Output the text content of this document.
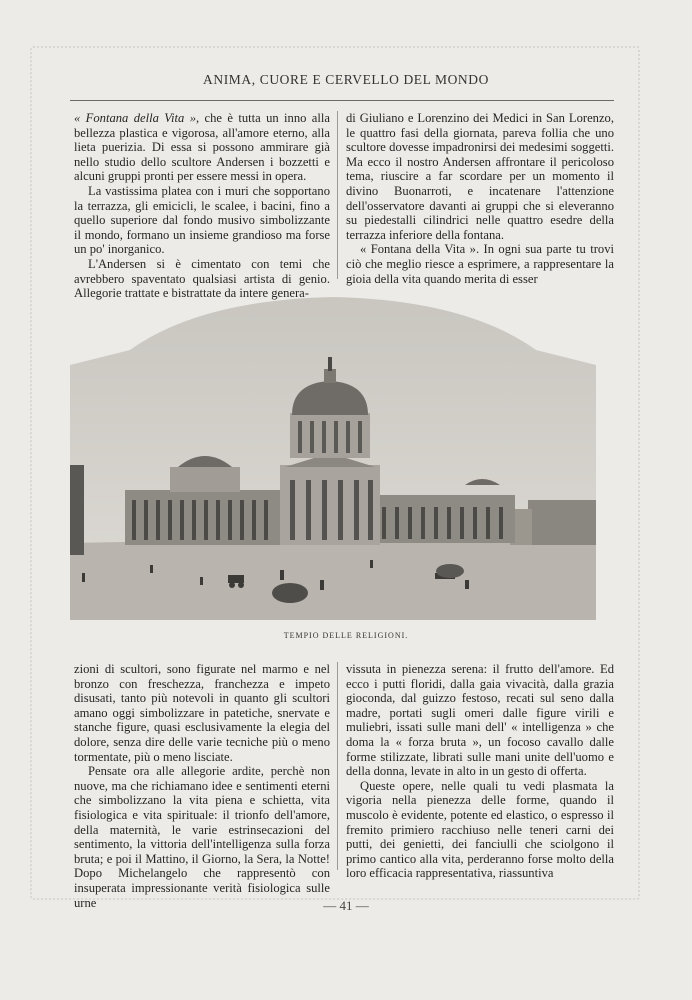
ANIMA, CUORE E CERVELLO DEL MONDO

« Fontana della Vita », che è tutta un inno alla bellezza plastica e vigorosa, all'amore eterno, alla lieta puerizia. Di essa si possono ammirare già nello studio dello scultore Andersen i bozzetti e alcuni gruppi pronti per essere messi in opera.

La vastissima platea con i muri che sopportano la terrazza, gli emicicli, le scalee, i bacini, fino a quello superiore dal fondo musivo simbolizzante il mondo, formano un insieme grandioso ma forse un po' inorganico.

L'Andersen si è cimentato con temi che avrebbero spaventato qualsiasi artista di genio. Allegorie trattate e bistrattate da intere genera-

di Giuliano e Lorenzino dei Medici in San Lorenzo, le quattro fasi della giornata, pareva follia che uno scultore dovesse impadronirsi dei medesimi soggetti. Ma ecco il nostro Andersen affrontare il pericoloso tema, riuscire a far scordare per un momento il divino Buonarroti, e incatenare l'attenzione dell'osservatore davanti ai gruppi che si eleveranno su piedestalli cilindrici nelle quattro esedre della terrazza inferiore della fontana.

« Fontana della Vita ». In ogni sua parte tu trovi ciò che meglio riesce a esprimere, a rappresentare la gioia della vita quando merita di esser

TEMPIO DELLE RELIGIONI.

zioni di scultori, sono figurate nel marmo e nel bronzo con freschezza, franchezza e impeto disusati, tanto più notevoli in quanto gli scultori amano oggi simbolizzare in patetiche, snervate e stanche figure, quasi esclusivamente la elegia del dolore, senza dire delle varie tecniche più o meno tormentate, più o meno lisciate.

Pensate ora alle allegorie ardite, perchè non nuove, ma che richiamano idee e sentimenti eterni che simbolizzano la vita piena e schietta, vita fisiologica e vita spirituale: il trionfo dell'amore, della maternità, le varie estrinsecazioni del sentimento, la vittoria dell'intelligenza sulla forza bruta; e poi il Mattino, il Giorno, la Sera, la Notte! Dopo Michelangelo che rappresentò con insuperata impressionante verità fisiologica sulle urne

vissuta in pienezza serena: il frutto dell'amore. Ed ecco i putti floridi, dalla gaia vivacità, dalla grazia gioconda, dal guizzo festoso, recati sul seno dalla madre, portati sugli omeri dalle figure virili e muliebri, issati sulle mani dell' « intelligenza » che doma la « forza bruta », un focoso cavallo dalle forme stilizzate, librati sulle mani unite dell'uomo e della donna, levate in alto in un gesto di offerta.

Queste opere, nelle quali tu vedi plasmata la vigoria nella pienezza delle forme, quando il muscolo è evidente, potente ed elastico, o espresso il fremito primiero racchiuso nelle teneri carni dei putti, dei genietti, dei fanciulli che sciolgono il primo cantico alla vita, perderanno forse molto della loro efficacia rappresentativa, riassuntiva

— 41 —
